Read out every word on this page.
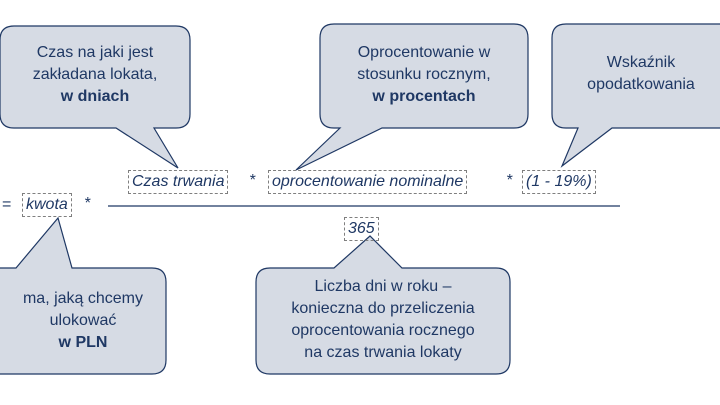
Czas na jaki jest
zakładana lokata,
w dniach
Oprocentowanie w
stosunku rocznym,
w procentach
Wskaźnik
opodatkowania
ma, jaką chcemy
ulokować
w PLN
Liczba dni w roku –
konieczna do przeliczenia
oprocentowania rocznego
na czas trwania lokaty
= kwota *
Czas trwania * oprocentowanie nominalne	* (1 - 19%)
365
